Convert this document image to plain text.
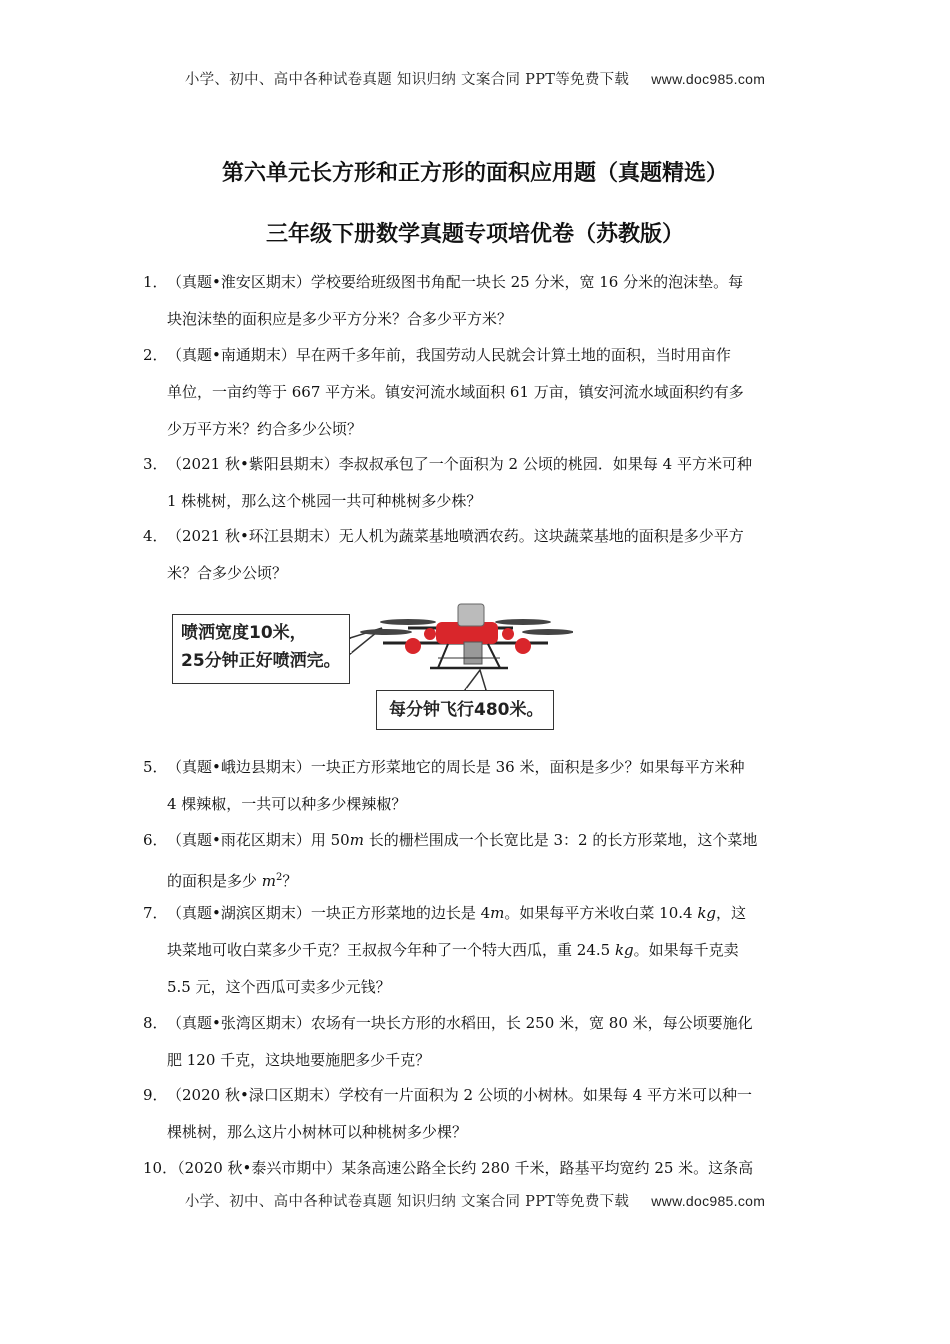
小学、初中、高中各种试卷真题 知识归纳 文案合同 PPT等免费下载 www.doc985.com
第六单元长方形和正方形的面积应用题（真题精选）
三年级下册数学真题专项培优卷（苏教版）
1．（真题•淮安区期末）学校要给班级图书角配一块长 25 分米，宽 16 分米的泡沫垫。每
块泡沫垫的面积应是多少平方分米？合多少平方米？
2．（真题•南通期末）早在两千多年前，我国劳动人民就会计算土地的面积，当时用亩作
单位，一亩约等于 667 平方米。镇安河流水域面积 61 万亩，镇安河流水域面积约有多
少万平方米？约合多少公顷？
3．（2021 秋•紫阳县期末）李叔叔承包了一个面积为 2 公顷的桃园．如果每 4 平方米可种
1 株桃树，那么这个桃园一共可种桃树多少株？
4．（2021 秋•环江县期末）无人机为蔬菜基地喷洒农药。这块蔬菜基地的面积是多少平方
米？合多少公顷？
喷洒宽度10米，
25分钟正好喷洒完。
每分钟飞行480米。
5．（真题•峨边县期末）一块正方形菜地它的周长是 36 米，面积是多少？如果每平方米种
4 棵辣椒，一共可以种多少棵辣椒？
6．（真题•雨花区期末）用 50m 长的栅栏围成一个长宽比是 3：2 的长方形菜地，这个菜地
的面积是多少 $m^2$？
7．（真题•湖滨区期末）一块正方形菜地的边长是 4m。如果每平方米收白菜 10.4 kg，这
块菜地可收白菜多少千克？王叔叔今年种了一个特大西瓜，重 24.5 kg。如果每千克卖
5.5 元，这个西瓜可卖多少元钱？
8．（真题•张湾区期末）农场有一块长方形的水稻田，长 250 米，宽 80 米，每公顷要施化
肥 120 千克，这块地要施肥多少千克？
9．（2020 秋•渌口区期末）学校有一片面积为 2 公顷的小树林。如果每 4 平方米可以种一
棵桃树，那么这片小树林可以种桃树多少棵？
10．（2020 秋•泰兴市期中）某条高速公路全长约 280 千米，路基平均宽约 25 米。这条高
小学、初中、高中各种试卷真题 知识归纳 文案合同 PPT等免费下载 www.doc985.com
